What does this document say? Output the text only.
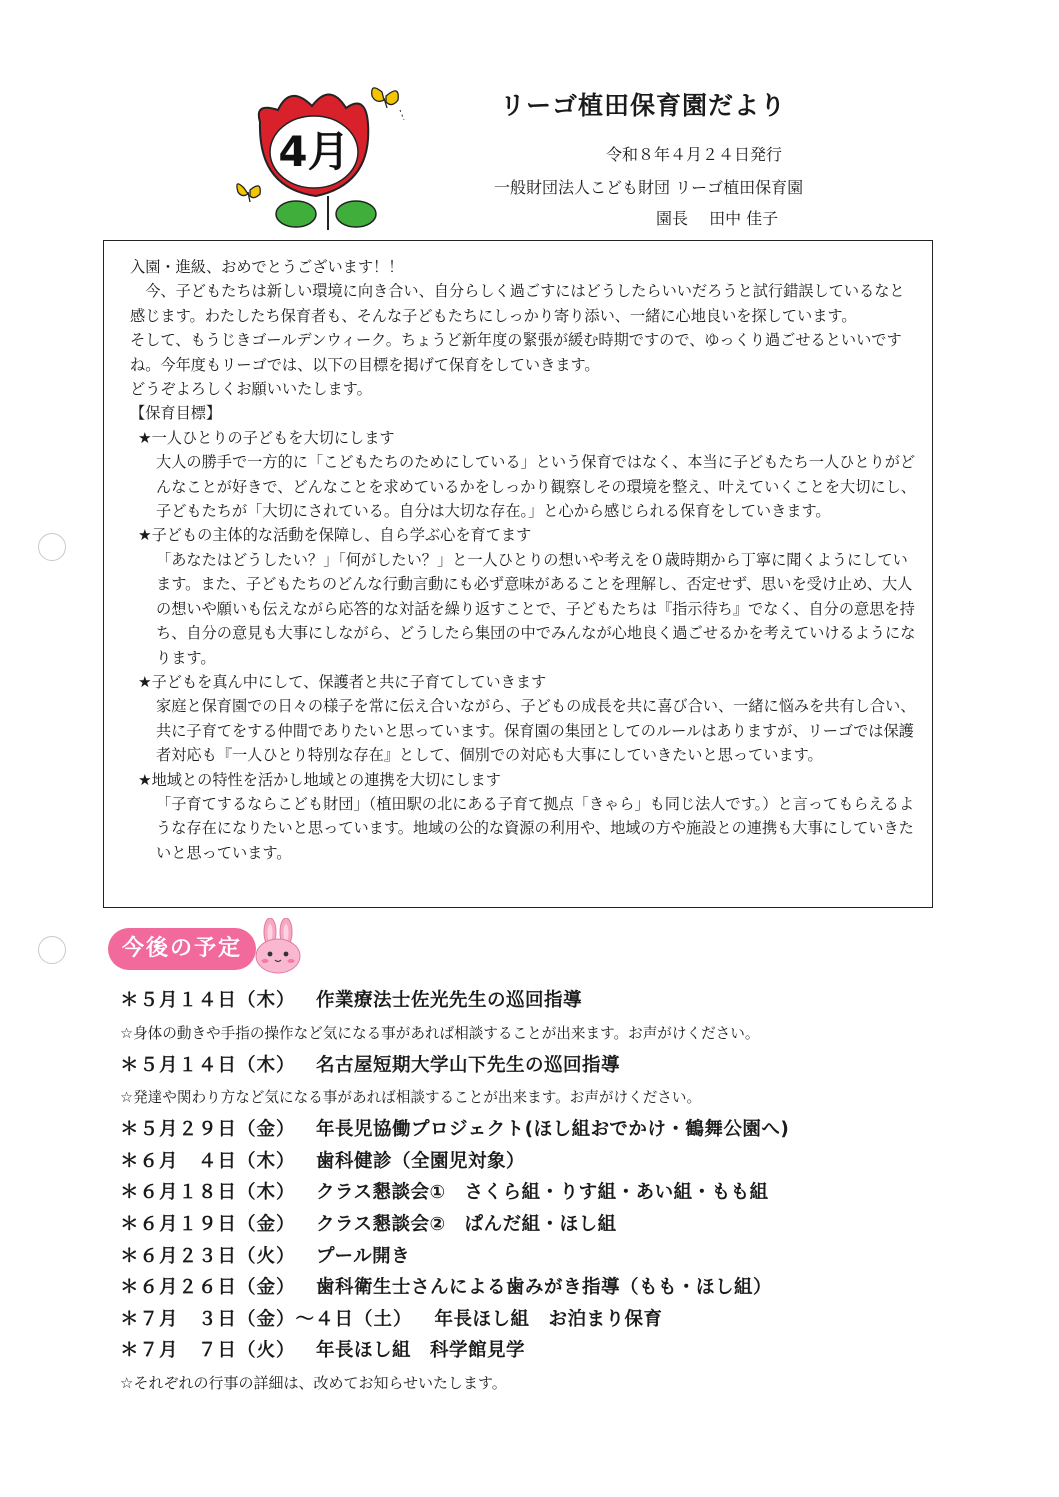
4月
リーゴ植田保育園だより
令和８年４月２４日発行
一般財団法人こども財団 リーゴ植田保育園
園長　 田中 佳子

入園・進級、おめでとうございます！！

今、子どもたちは新しい環境に向き合い、自分らしく過ごすにはどうしたらいいだろうと試行錯誤しているなと感じます。わたしたち保育者も、そんな子どもたちにしっかり寄り添い、一緒に心地良いを探しています。

そして、もうじきゴールデンウィーク。ちょうど新年度の緊張が緩む時期ですので、ゆっくり過ごせるといいですね。今年度もリーゴでは、以下の目標を掲げて保育をしていきます。

どうぞよろしくお願いいたします。

【保育目標】

★一人ひとりの子どもを大切にします

大人の勝手で一方的に「こどもたちのためにしている」という保育ではなく、本当に子どもたち一人ひとりがどんなことが好きで、どんなことを求めているかをしっかり観察しその環境を整え、叶えていくことを大切にし、子どもたちが「大切にされている。自分は大切な存在。」と心から感じられる保育をしていきます。

★子どもの主体的な活動を保障し、自ら学ぶ心を育てます

「あなたはどうしたい？」「何がしたい？」と一人ひとりの想いや考えを０歳時期から丁寧に聞くようにしています。また、子どもたちのどんな行動言動にも必ず意味があることを理解し、否定せず、思いを受け止め、大人の想いや願いも伝えながら応答的な対話を繰り返すことで、子どもたちは『指示待ち』でなく、自分の意思を持ち、自分の意見も大事にしながら、どうしたら集団の中でみんなが心地良く過ごせるかを考えていけるようになります。

★子どもを真ん中にして、保護者と共に子育てしていきます

家庭と保育園での日々の様子を常に伝え合いながら、子どもの成長を共に喜び合い、一緒に悩みを共有し合い、共に子育てをする仲間でありたいと思っています。保育園の集団としてのルールはありますが、リーゴでは保護者対応も『一人ひとり特別な存在』として、個別での対応も大事にしていきたいと思っています。

★地域との特性を活かし地域との連携を大切にします

「子育てするならこども財団」（植田駅の北にある子育て拠点「きゃら」も同じ法人です。）と言ってもらえるような存在になりたいと思っています。地域の公的な資源の利用や、地域の方や施設との連携も大事にしていきたいと思っています。

今後の予定
＊５月１４日（木） 作業療法士佐光先生の巡回指導
☆身体の動きや手指の操作など気になる事があれば相談することが出来ます。お声がけください。
＊５月１４日（木） 名古屋短期大学山下先生の巡回指導
☆発達や関わり方など気になる事があれば相談することが出来ます。お声がけください。
＊５月２９日（金） 年長児協働プロジェクト(ほし組おでかけ・鶴舞公園へ)
＊６月　４日（木） 歯科健診（全園児対象）
＊６月１８日（木） クラス懇談会①　さくら組・りす組・あい組・もも組
＊６月１９日（金） クラス懇談会②　ぱんだ組・ほし組
＊６月２３日（火） プール開き
＊６月２６日（金） 歯科衛生士さんによる歯みがき指導（もも・ほし組）
＊７月　３日（金）～４日（土） 年長ほし組　お泊まり保育
＊７月　７日（火） 年長ほし組　科学館見学
☆それぞれの行事の詳細は、改めてお知らせいたします。
